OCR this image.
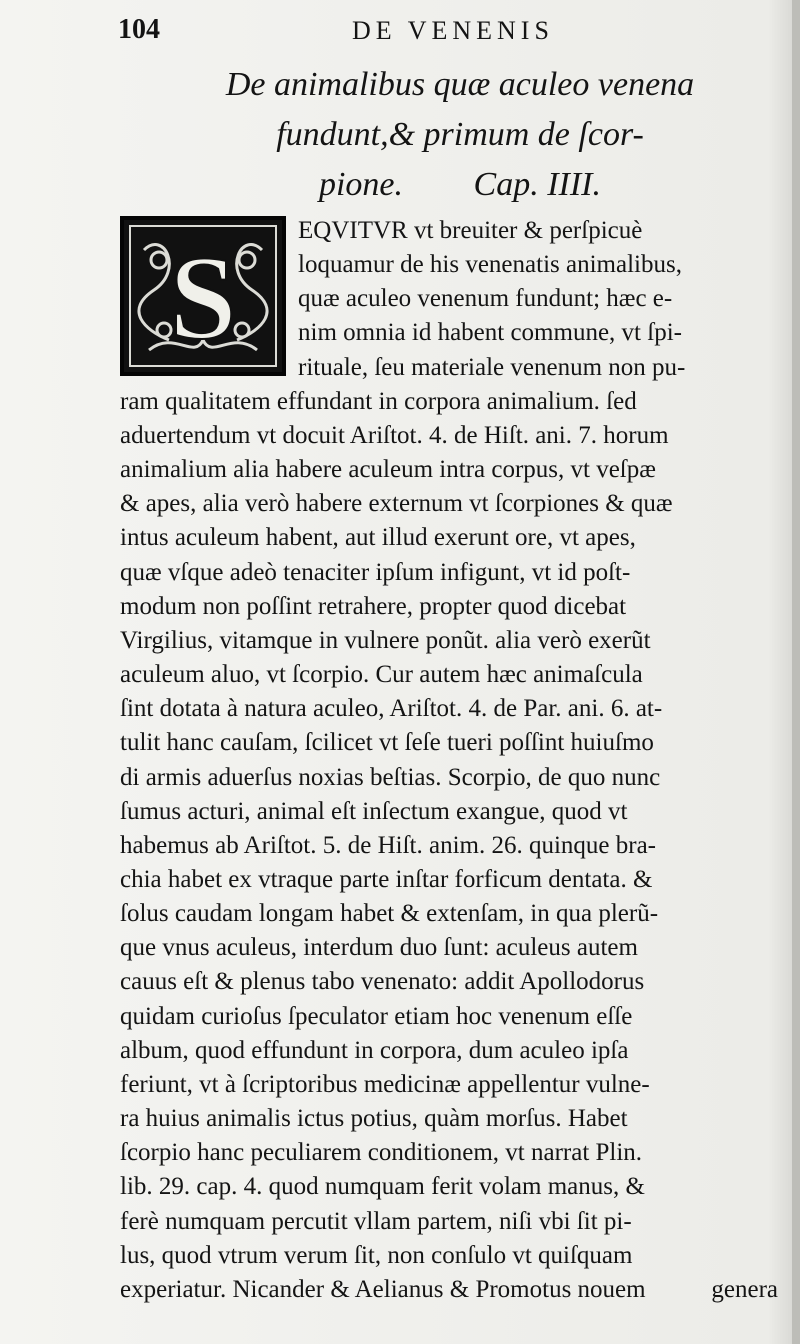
104	DE VENENIS
De animalibus quæ aculeo venena
fundunt,& primum de ſcor-
pione. Cap. IIII.
S
EQVITVR vt breuiter & perſpicuè
loquamur de his venenatis animalibus,
quæ aculeo venenum fundunt; hæc e-
nim omnia id habent commune, vt ſpi-
rituale, ſeu materiale venenum non pu-
ram qualitatem effundant in corpora animalium. ſed
aduertendum vt docuit Ariſtot. 4. de Hiſt. ani. 7. horum
animalium alia habere aculeum intra corpus, vt veſpæ
& apes, alia verò habere externum vt ſcorpiones & quæ
intus aculeum habent, aut illud exerunt ore, vt apes,
quæ vſque adeò tenaciter ipſum infigunt, vt id poſt-
modum non poſſint retrahere, propter quod dicebat
Virgilius, vitamque in vulnere ponũt. alia verò exerũt
aculeum aluo, vt ſcorpio. Cur autem hæc animaſcula
ſint dotata à natura aculeo, Ariſtot. 4. de Par. ani. 6. at-
tulit hanc cauſam, ſcilicet vt ſeſe tueri poſſint huiuſmo
di armis aduerſus noxias beſtias. Scorpio, de quo nunc
ſumus acturi, animal eſt inſectum exangue, quod vt
habemus ab Ariſtot. 5. de Hiſt. anim. 26. quinque bra-
chia habet ex vtraque parte inſtar forficum dentata. &
ſolus caudam longam habet & extenſam, in qua plerũ-
que vnus aculeus, interdum duo ſunt: aculeus autem
cauus eſt & plenus tabo venenato: addit Apollodorus
quidam curioſus ſpeculator etiam hoc venenum eſſe
album, quod effundunt in corpora, dum aculeo ipſa
feriunt, vt à ſcriptoribus medicinæ appellentur vulne-
ra huius animalis ictus potius, quàm morſus. Habet
ſcorpio hanc peculiarem conditionem, vt narrat Plin.
lib. 29. cap. 4. quod numquam ferit volam manus, &
ferè numquam percutit vllam partem, niſi vbi ſit pi-
lus, quod vtrum verum ſit, non conſulo vt quiſquam
experiatur. Nicander & Aelianus & Promotus nouem	genera
